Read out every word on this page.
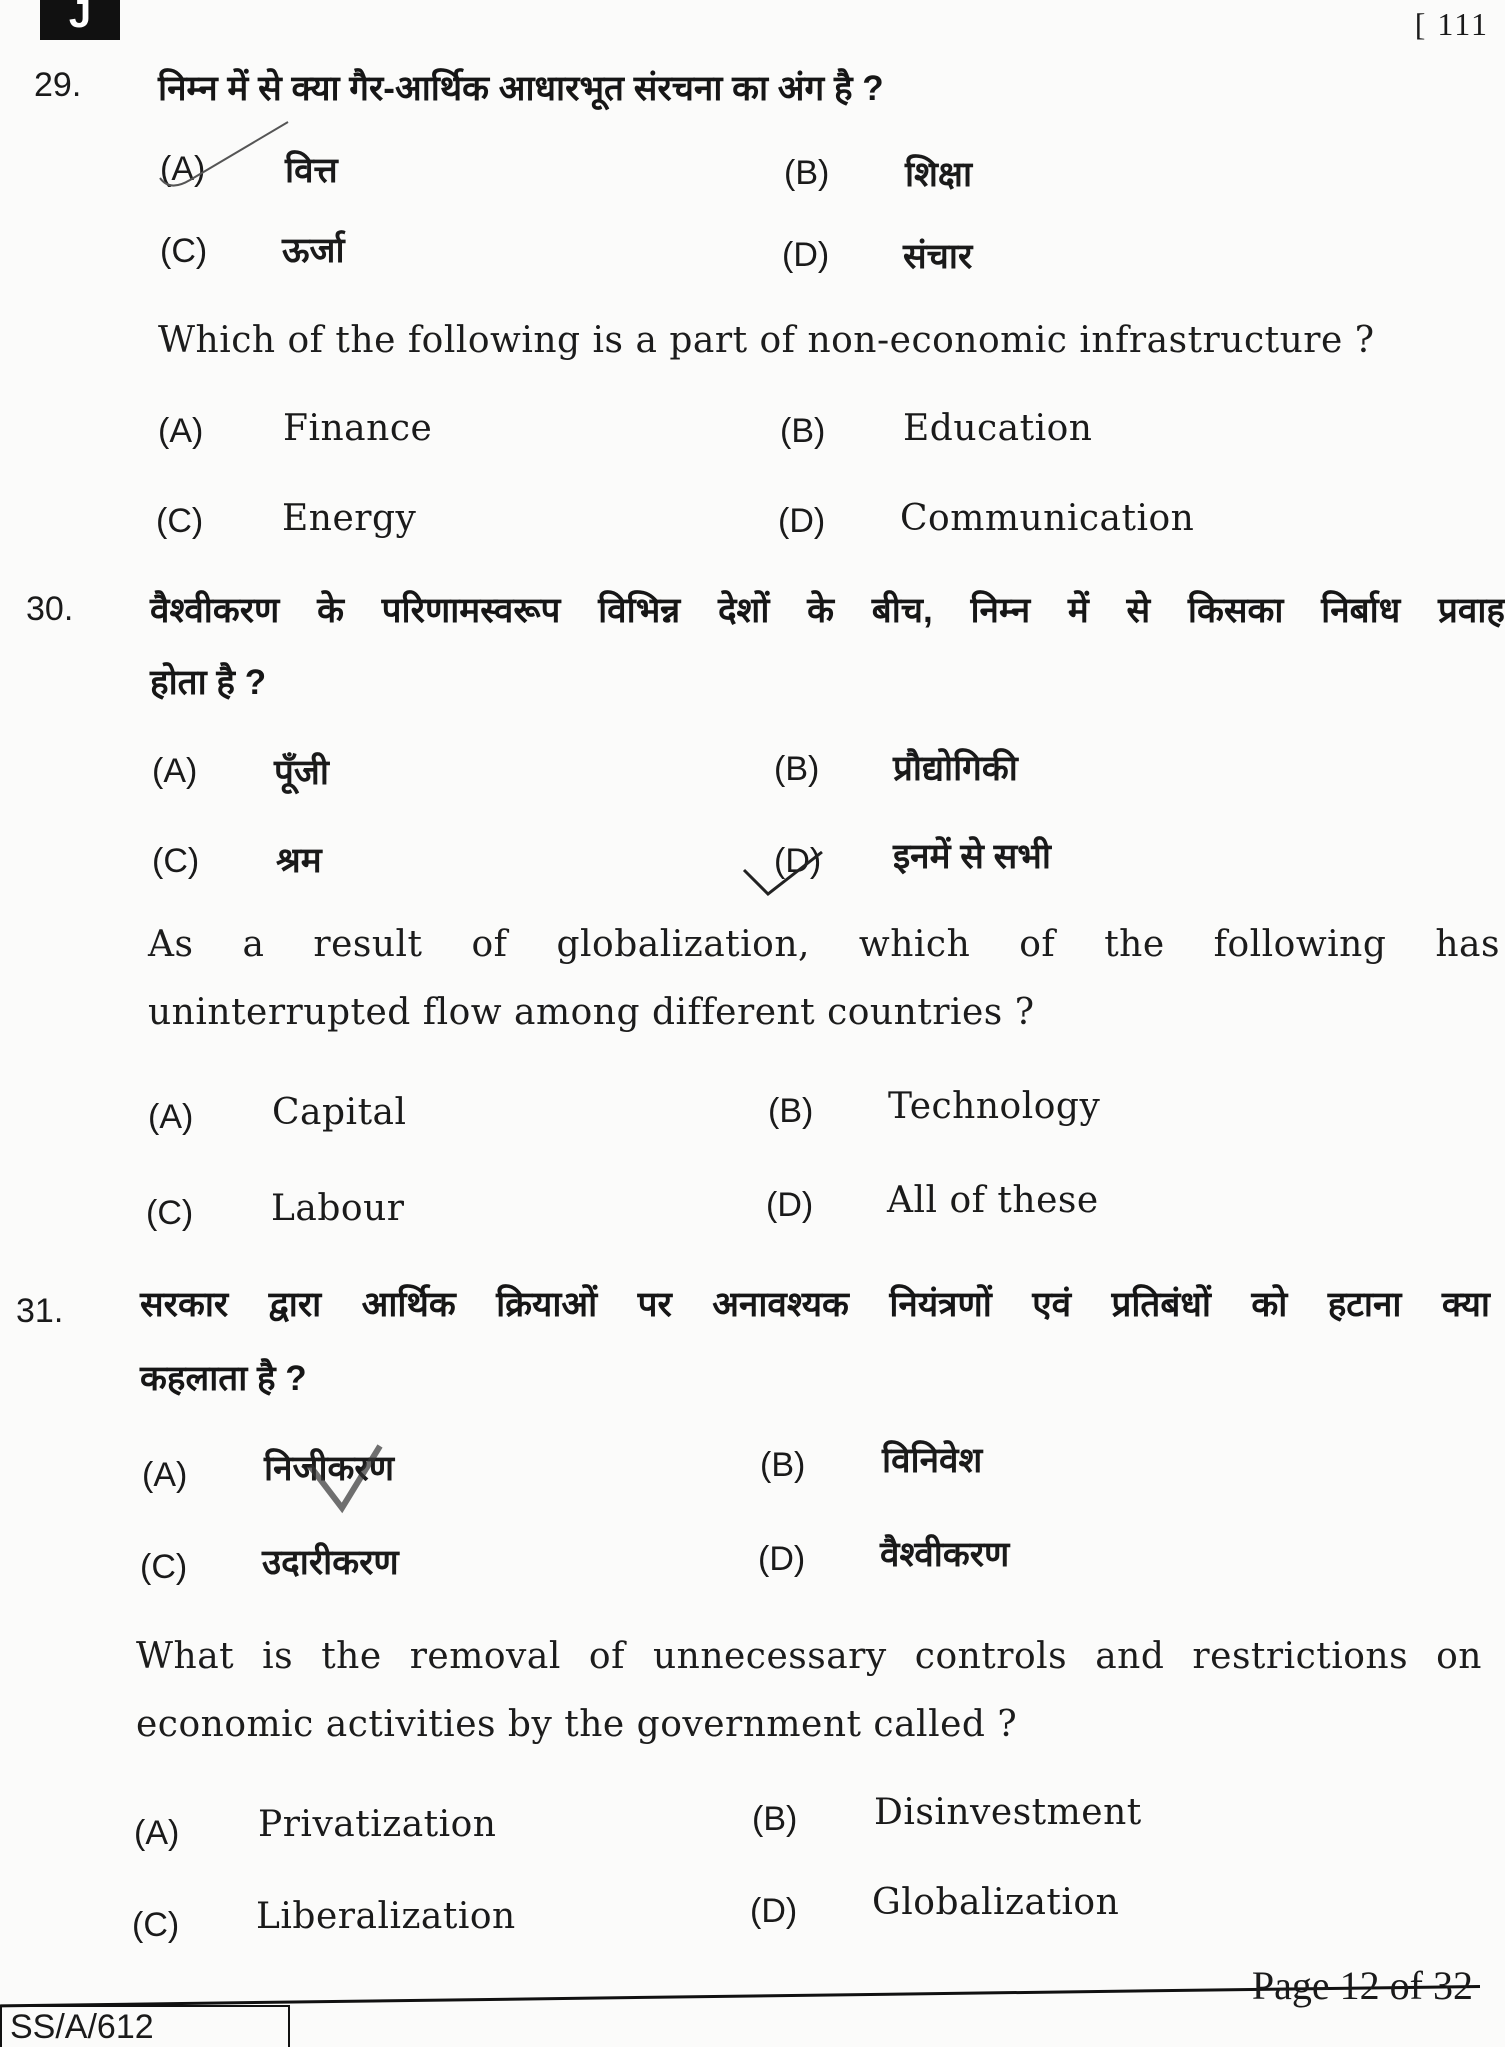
J	[ 111
29. निम्न में से क्या गैर-आर्थिक आधारभूत संरचना का अंग है ?
(A) वित्त	(B) शिक्षा
(C) ऊर्जा	(D) संचार
Which of the following is a part of non-economic infrastructure ?
(A) Finance	(B) Education
(C) Energy	(D) Communication
30. वैश्वीकरण के परिणामस्वरूप विभिन्न देशों के बीच, निम्न में से किसका निर्बाध प्रवाह
होता है ?
(A) पूँजी	(B) प्रौद्योगिकी
(C) श्रम	(D) इनमें से सभी
As a result of globalization, which of the following has
uninterrupted flow among different countries ?
(A) Capital	(B) Technology
(C) Labour	(D) All of these
31. सरकार द्वारा आर्थिक क्रियाओं पर अनावश्यक नियंत्रणों एवं प्रतिबंधों को हटाना क्या
कहलाता है ?
(A) निजीकरण	(B) विनिवेश
(C) उदारीकरण	(D) वैश्वीकरण
What is the removal of unnecessary controls and restrictions on
economic activities by the government called ?
(A) Privatization	(B) Disinvestment
(C) Liberalization	(D) Globalization
SS/A/612
Page 12 of 32
